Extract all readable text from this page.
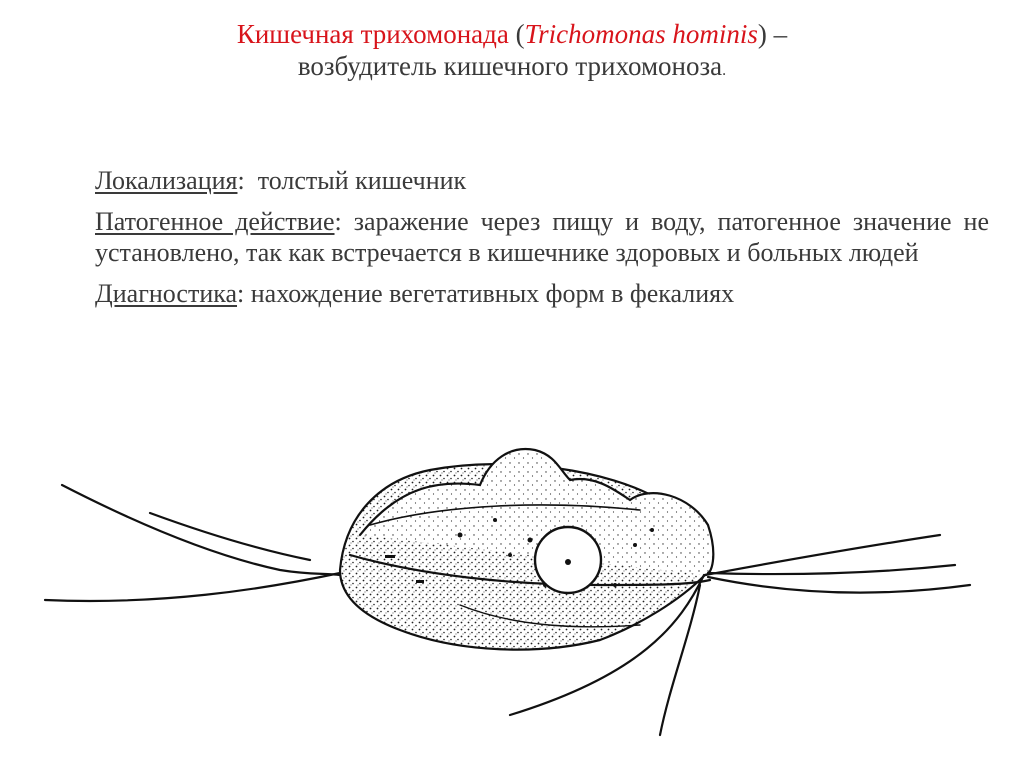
Кишечная трихомонада (Trichomonas hominis) –
возбудитель кишечного трихомоноза.

Локализация:  толстый кишечник

Патогенное действие: заражение через пищу и воду, патогенное значение не установлено, так как встречается в кишечнике здоровых и больных людей

Диагностика: нахождение вегетативных форм в фекалиях
